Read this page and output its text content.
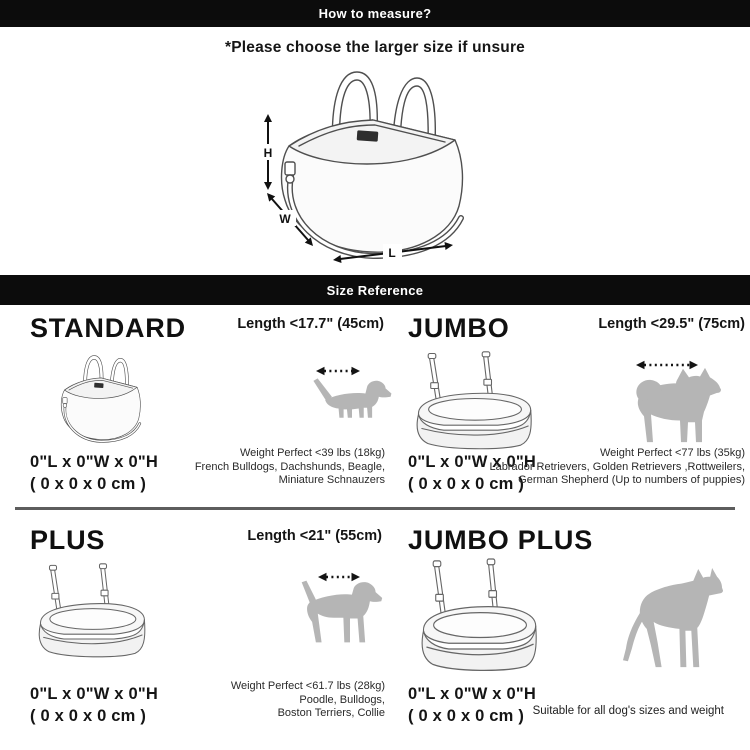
How to measure?
*Please choose the larger size if unsure
H
W
L
Size Reference
STANDARD	Length <17.7" (45cm)
0"L x 0"W x 0"H
( 0 x 0 x 0 cm )
Weight Perfect <39 lbs (18kg)
French Bulldogs, Dachshunds, Beagle,
Miniature Schnauzers
JUMBO	Length <29.5" (75cm)
0"L x 0"W x 0"H
( 0 x 0 x 0 cm )
Weight Perfect <77 lbs (35kg)
Labrador Retrievers, Golden Retrievers ,Rottweilers,
German Shepherd (Up to numbers of puppies)
PLUS	Length <21" (55cm)
0"L x 0"W x 0"H
( 0 x 0 x 0 cm )
Weight Perfect <61.7 lbs (28kg)
Poodle, Bulldogs,
Boston Terriers, Collie
JUMBO PLUS
0"L x 0"W x 0"H
( 0 x 0 x 0 cm ) Suitable for all dog's sizes and weight
